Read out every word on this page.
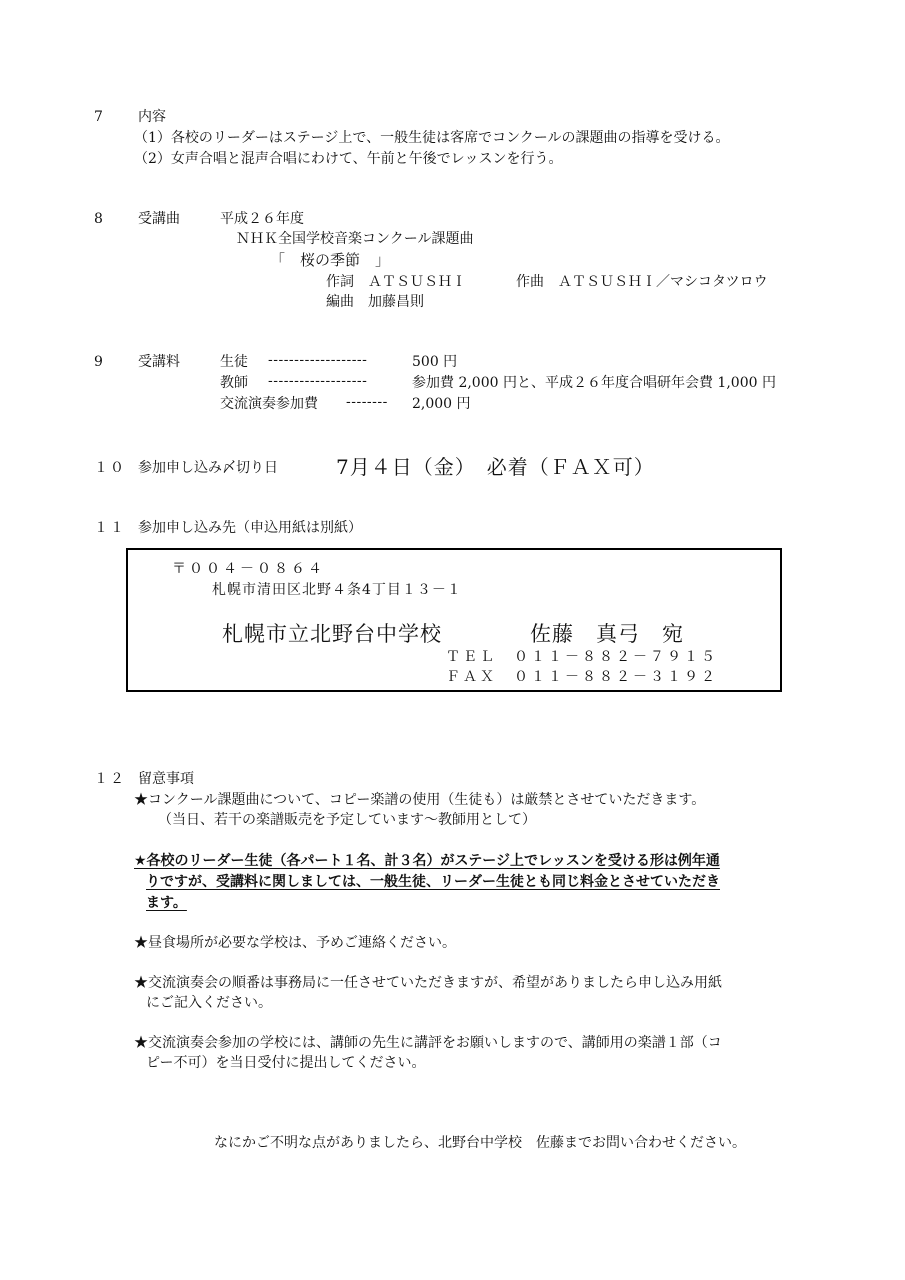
7	内容
（1）各校のリーダーはステージ上で、一般生徒は客席でコンクールの課題曲の指導を受ける。
（2）女声合唱と混声合唱にわけて、午前と午後でレッスンを行う。
8	受講曲	平成２６年度
ＮＨＫ全国学校音楽コンクール課題曲
「　桜の季節　」
作詞　ＡＴＳＵＳＨＩ	作曲　ＡＴＳＵＳＨＩ／マシコタツロウ
編曲　加藤昌則
9	受講料	生徒 -------------------	500 円
教師 -------------------	参加費 2,000 円と、平成２６年度合唱研年会費 1,000 円
交流演奏参加費 -------- 2,000 円
１０ 参加申し込み〆切り日	7月４日（金）　必着（ＦＡＸ可）
１１ 参加申し込み先（申込用紙は別紙）
〒００４－０８６４
札幌市清田区北野４条4丁目１３－１
札幌市立北野台中学校	佐藤　真弓　宛
ＴＥＬ　０１１－８８２－７９１５
ＦＡＸ　０１１－８８２－３１９２
１２ 留意事項
★コンクール課題曲について、コピー楽譜の使用（生徒も）は厳禁とさせていただきます。
（当日、若干の楽譜販売を予定しています～教師用として）
★各校のリーダー生徒（各パート１名、計３名）がステージ上でレッスンを受ける形は例年通
りですが、受講料に関しましては、一般生徒、リーダー生徒とも同じ料金とさせていただき
ます。
★昼食場所が必要な学校は、予めご連絡ください。
★交流演奏会の順番は事務局に一任させていただきますが、希望がありましたら申し込み用紙
にご記入ください。
★交流演奏会参加の学校には、講師の先生に講評をお願いしますので、講師用の楽譜１部（コ
ピー不可）を当日受付に提出してください。
なにかご不明な点がありましたら、北野台中学校　佐藤までお問い合わせください。
